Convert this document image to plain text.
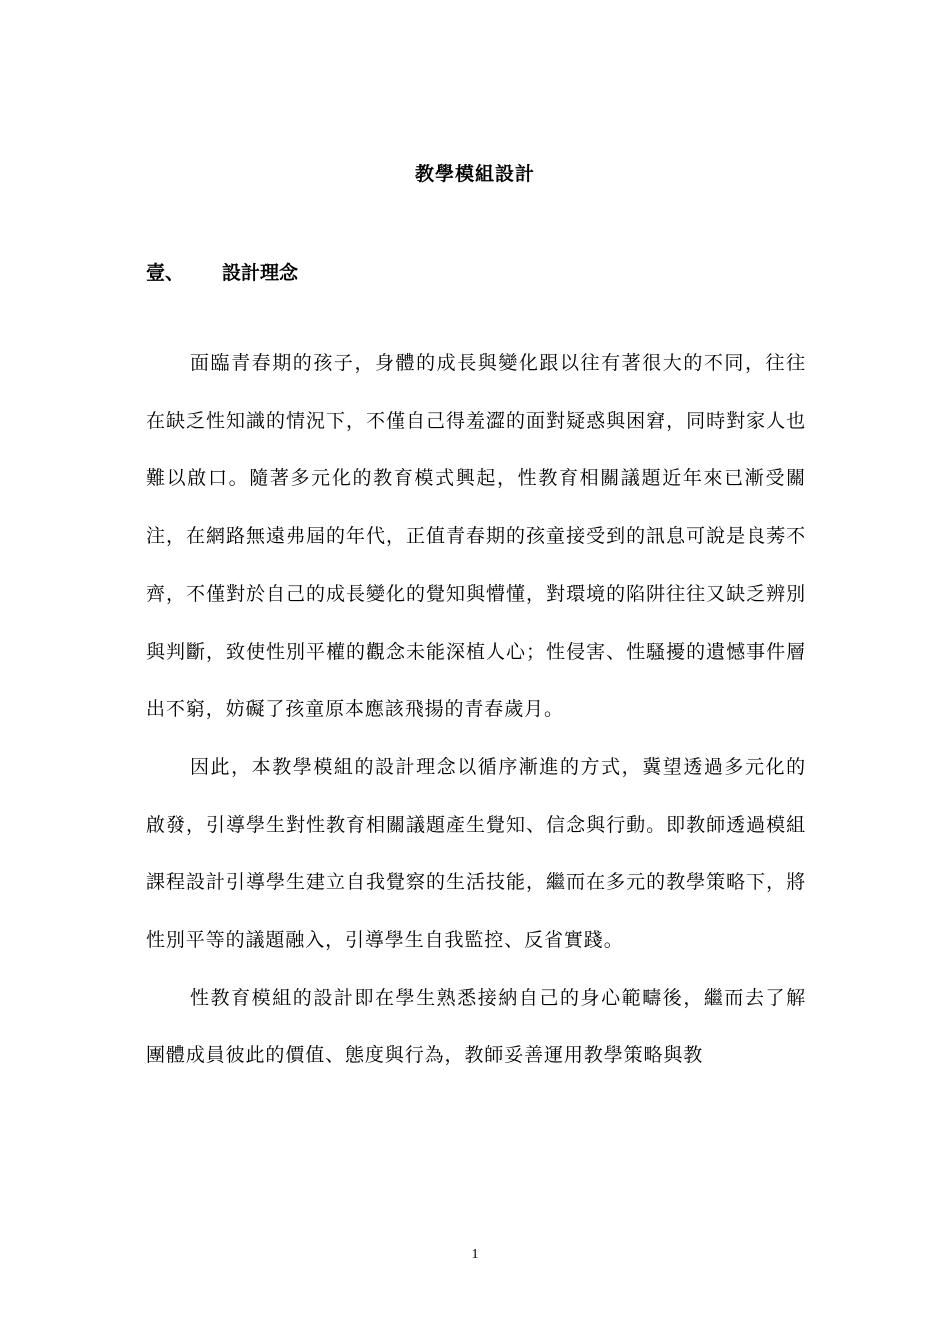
教學模組設計
壹、 設計理念

面臨青春期的孩子，身體的成長與變化跟以往有著很大的不同，往往在缺乏性知識的情況下，不僅自己得羞澀的面對疑惑與困窘，同時對家人也難以啟口。隨著多元化的教育模式興起，性教育相關議題近年來已漸受關注，在網路無遠弗屆的年代，正值青春期的孩童接受到的訊息可說是良莠不齊，不僅對於自己的成長變化的覺知與懵懂，對環境的陷阱往往又缺乏辨別與判斷，致使性別平權的觀念未能深植人心；性侵害、性騷擾的遺憾事件層出不窮，妨礙了孩童原本應該飛揚的青春歲月。

因此，本教學模組的設計理念以循序漸進的方式，冀望透過多元化的啟發，引導學生對性教育相關議題產生覺知、信念與行動。即教師透過模組課程設計引導學生建立自我覺察的生活技能，繼而在多元的教學策略下，將性別平等的議題融入，引導學生自我監控、反省實踐。

性教育模組的設計即在學生熟悉接納自己的身心範疇後，繼而去了解團體成員彼此的價值、態度與行為，教師妥善運用教學策略與教

1
